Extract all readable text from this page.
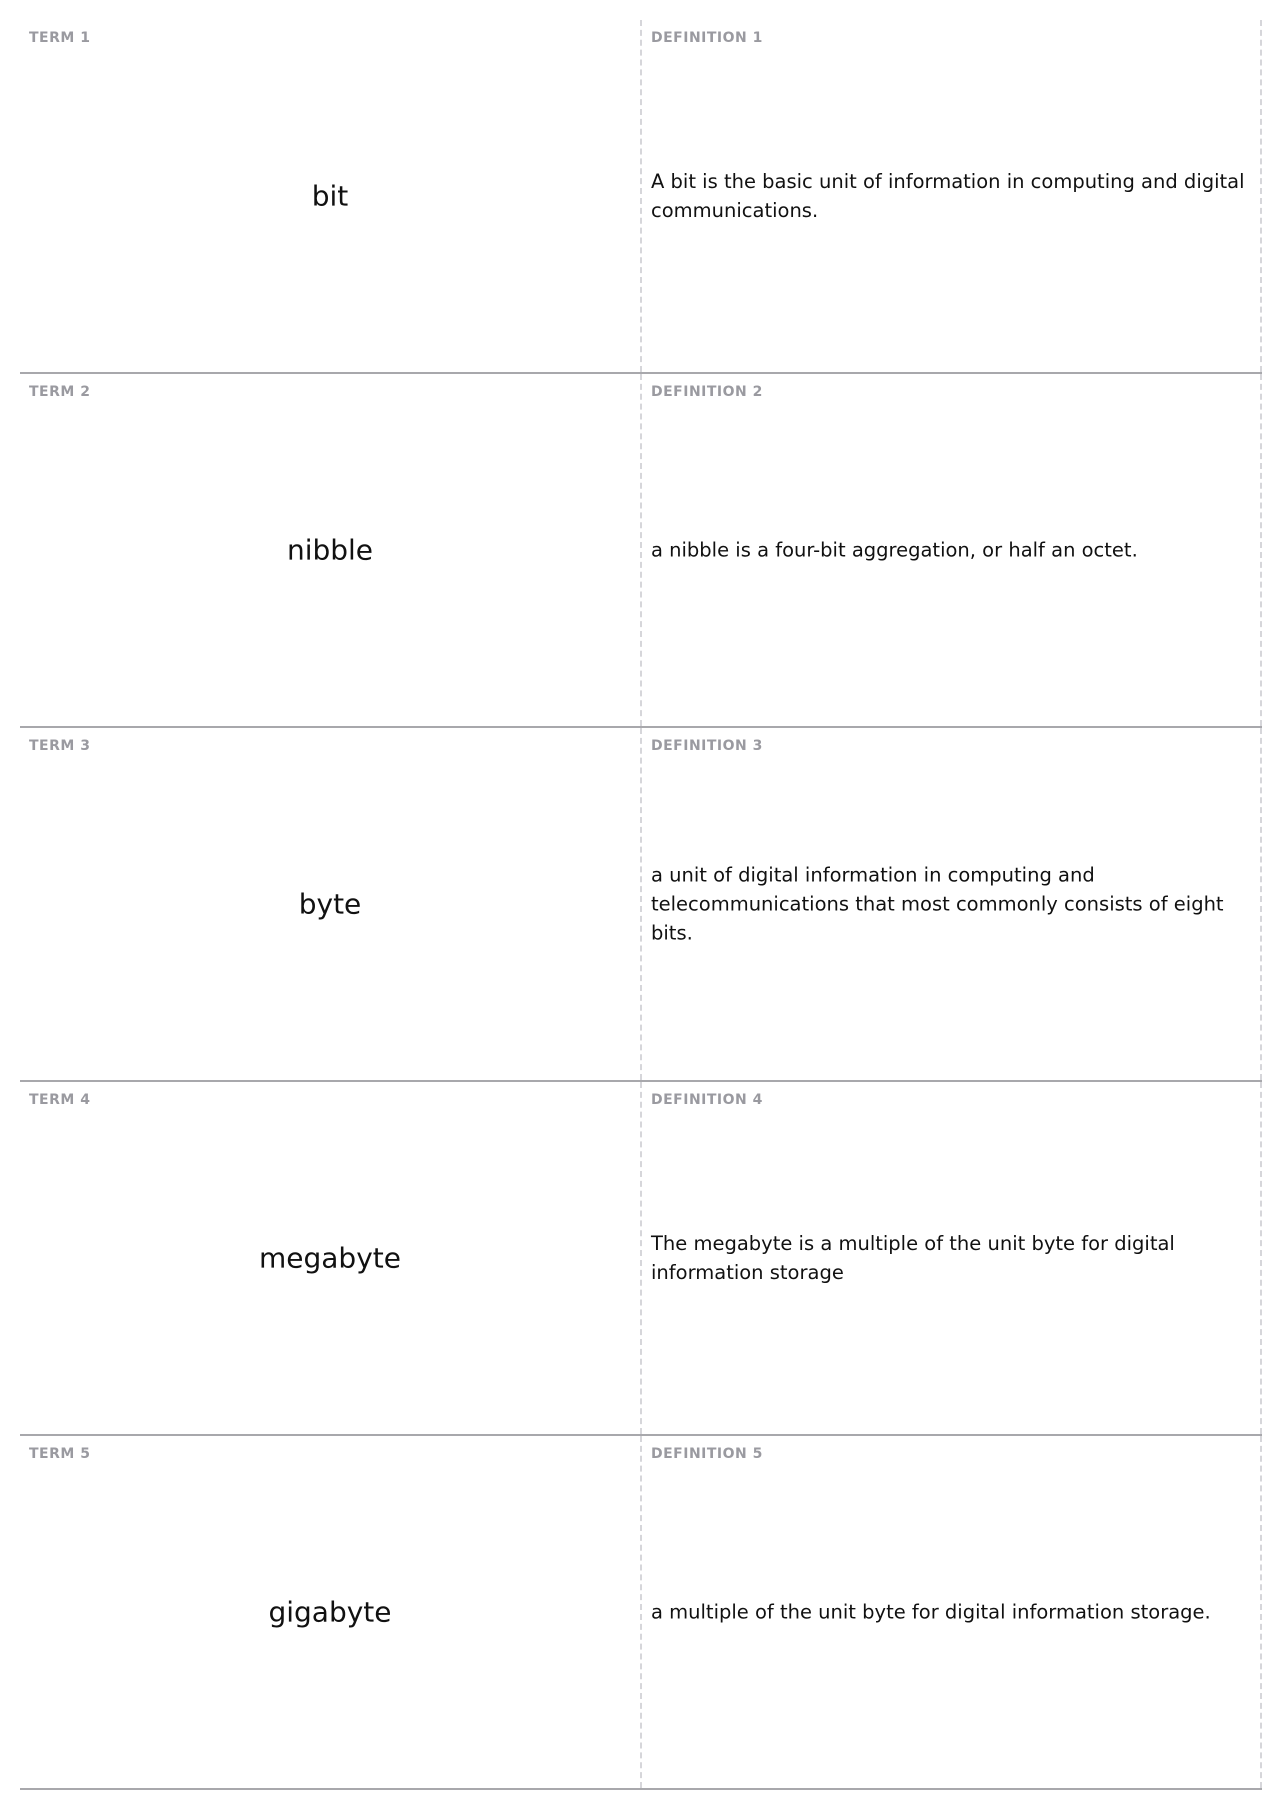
TERM 1
bit
DEFINITION 1
A bit is the basic unit of information in computing and digital communications.
TERM 2
nibble
DEFINITION 2
a nibble is a four-bit aggregation, or half an octet.
TERM 3
byte
DEFINITION 3
a unit of digital information in computing and telecommunications that most commonly consists of eight bits.
TERM 4
megabyte
DEFINITION 4
The megabyte is a multiple of the unit byte for digital information storage
TERM 5
gigabyte
DEFINITION 5
a multiple of the unit byte for digital information storage.
